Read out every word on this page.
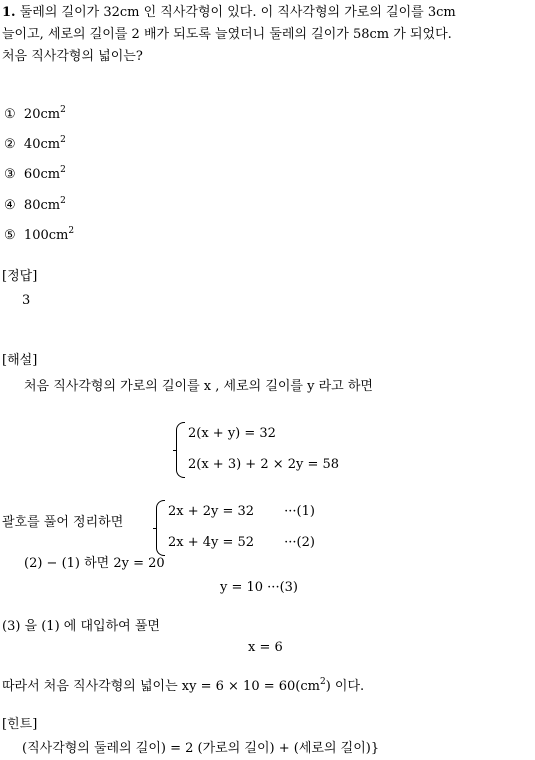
1. 둘레의 길이가 32cm 인 직사각형이 있다. 이 직사각형의 가로의 길이를 3cm
늘이고, 세로의 길이를 2 배가 되도록 늘였더니 둘레의 길이가 58cm 가 되었다.
처음 직사각형의 넓이는?
① $20cm^2$
② $40cm^2$
③ $60cm^2$
④ $80cm^2$
⑤ $100cm^2$
[정답]
3
[해설]
처음 직사각형의 가로의 길이를 x , 세로의 길이를 y 라고 하면
2(x + y) = 32
2(x + 3) + 2 × 2y = 58
괄호를 풀어 정리하면
2x + 2y = 32 ···(1)
2x + 4y = 52 ···(2)
(2) − (1) 하면 2y = 20
y = 10 ···(3)
(3) 을 (1) 에 대입하여 풀면
x = 6
따라서 처음 직사각형의 넓이는 xy = $6 \times 10 = 60(cm^2)$ 이다.
[힌트]
(직사각형의 둘레의 길이) = 2 (가로의 길이) + (세로의 길이)}
